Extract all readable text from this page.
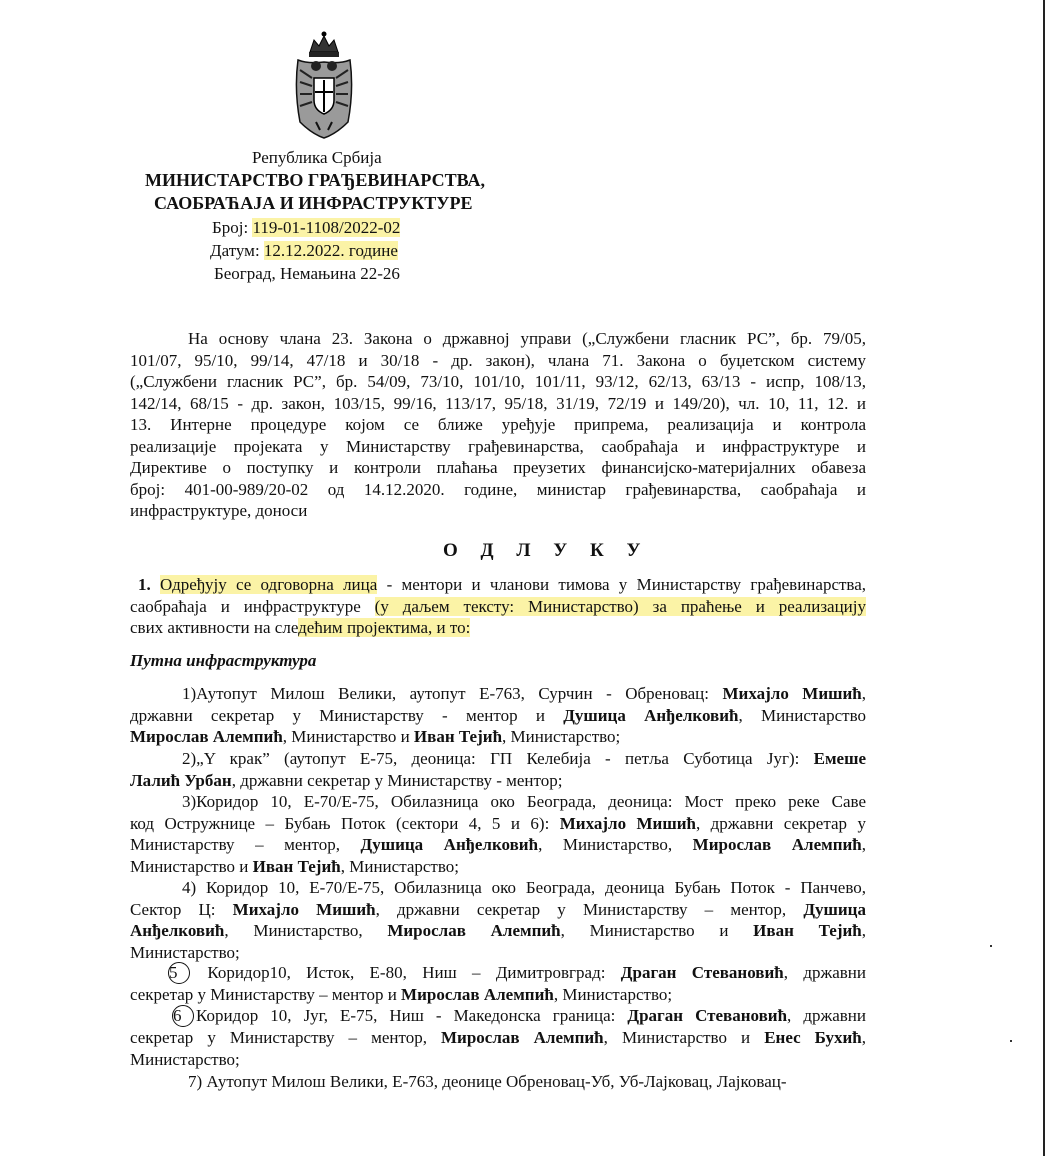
Република Србија
МИНИСТАРСТВО ГРАЂЕВИНАРСТВА,
САОБРАЋАЈА И ИНФРАСТРУКТУРЕ
Број: 119-01-1108/2022-02
Датум: 12.12.2022. године
Београд, Немањина 22-26
На основу члана 23. Закона о државној управи („Службени гласник РС”, бр. 79/05,
101/07, 95/10, 99/14, 47/18 и 30/18 - др. закон), члана 71. Закона о буџетском систему
(„Службени гласник РС”, бр. 54/09, 73/10, 101/10, 101/11, 93/12, 62/13, 63/13 - испр, 108/13,
142/14, 68/15 - др. закон, 103/15, 99/16, 113/17, 95/18, 31/19, 72/19 и 149/20), чл. 10, 11, 12. и
13. Интерне процедуре којом се ближе уређује припрема, реализација и контрола
реализације пројеката у Министарству грађевинарства, саобраћаја и инфраструктуре и
Директиве о поступку и контроли плаћања преузетих финансијско-материјалних обавеза
број: 401-00-989/20-02 од 14.12.2020. године, министар грађевинарства, саобраћаја и
инфраструктуре, доноси
О Д Л У К У
1. Одређују се одговорна лица - ментори и чланови тимова у Министарству грађевинарства,
саобраћаја и инфраструктуре (у даљем тексту: Министарство) за праћење и реализацију
свих активности на следећим пројектима, и то:
Путна инфраструктура
1)Аутопут Милош Велики, аутопут Е-763, Сурчин - Обреновац: Михајло Мишић,
државни секретар у Министарству - ментор и Душица Анђелковић, Министарство
Мирослав Алемпић, Министарство и Иван Тејић, Министарство;
2)„Y крак” (аутопут Е-75, деоница: ГП Келебија - петља Суботица Југ): Емеше
Лалић Урбан, државни секретар у Министарству - ментор;
3)Коридор 10, Е-70/Е-75, Обилазница око Београда, деоница: Мост преко реке Саве
код Остружнице – Бубањ Поток (сектори 4, 5 и 6): Михајло Мишић, државни секретар у
Министарству – ментор, Душица Анђелковић, Министарство, Мирослав Алемпић,
Министарство и Иван Тејић, Министарство;
4) Коридор 10, Е-70/Е-75, Обилазница око Београда, деоница Бубањ Поток - Панчево,
Сектор Ц: Михајло Мишић, државни секретар у Министарству – ментор, Душица
Анђелковић, Министарство, Мирослав Алемпић, Министарство и Иван Тејић,
Министарство;
5 Коридор10, Исток, Е-80, Ниш – Димитровград: Драган Стевановић, државни
секретар у Министарству – ментор и Мирослав Алемпић, Министарство;
6 Коридор 10, Југ, Е-75, Ниш - Македонска граница: Драган Стевановић, државни
секретар у Министарству – ментор, Мирослав Алемпић, Министарство и Енес Бухић,
Министарство;
7) Аутопут Милош Велики, Е-763, деонице Обреновац-Уб, Уб-Лајковац, Лајковац-
